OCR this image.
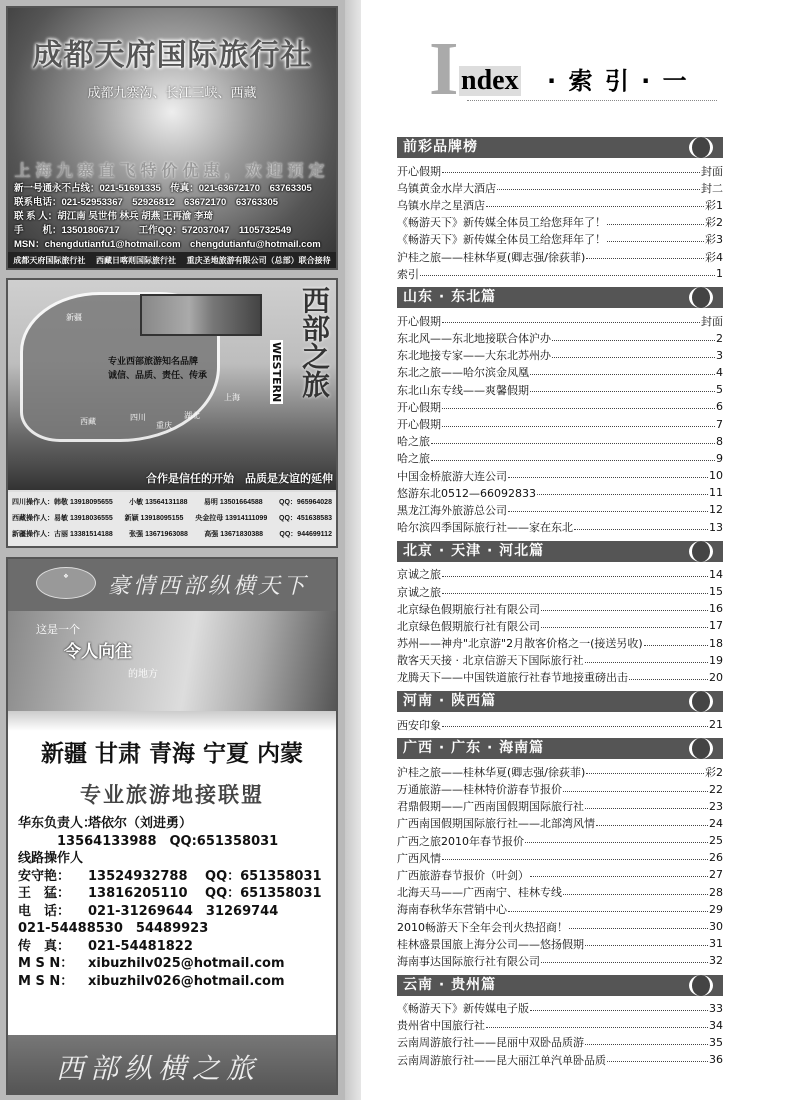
成都天府国际旅行社
成都九寨沟、长江三峡、西藏
上海九寨直飞特价优惠，欢迎预定
新一号通永不占线：021-51691335　传真：021-63672170　63763305
联系电话：021-52953367　52926812　63672170　63763305
联 系 人：胡江南 吴世伟 林兵 胡燕 王再渝 李琦
手　　机：13501806717　　工作QQ：572037047　1105732549
MSN：chengdutianfu1@hotmail.com　chengdutianfu@hotmail.com
成都天府国际旅行社 西藏日喀则国际旅行社 重庆圣地旅游有限公司（总部）联合接待
专业西部旅游知名品牌
诚信、品质、责任、传承
新疆
西藏	四川
重庆
湖北
上海 西部之旅
WESTERN
合作是信任的开始　品质是友谊的延伸
四川操作人：韩敬 13918095655 小敏 13564131188 易明 13501664588 QQ：965964028
西藏操作人：易敏 13918036555 新颖 13918095155 央金拉母 13914111099 QQ：451638583
新疆操作人：古丽 13381514188 张强 13671963088 高强 13671830388 QQ：944699112
❖	豪情西部纵横天下
这是一个
令人向往
的地方
新疆 甘肃 青海 宁夏 内蒙
专业旅游地接联盟
华东负责人：塔依尔（刘进勇）
　　　13564133988　QQ:651358031
线路操作人
安守艳： 13524932788　 QQ：651358031
王　猛： 13816205110　 QQ：651358031
电　话： 021-31269644　31269744
021-54488530　54489923
传　真： 021-54481822
M S N： xibuzhilv025@hotmail.com
M S N： xibuzhilv026@hotmail.com
西部纵横之旅
I ndex · 索 引 · 一
前彩品牌榜
开心假期	封面
乌镇黄金水岸大酒店	封二
乌镇水岸之星酒店	彩1
《畅游天下》新传媒全体员工给您拜年了！	彩2
《畅游天下》新传媒全体员工给您拜年了！	彩3
沪桂之旅——桂林华夏(卿志强/徐荻菲)	彩4
索引	1
山东 · 东北篇
开心假期	封面
东北风——东北地接联合体沪办	2
东北地接专家——大东北苏州办	3
东北之旅——哈尔滨金凤凰	4
东北山东专线——爽馨假期	5
开心假期	6
开心假期	7
哈之旅	8
哈之旅	9
中国金桥旅游大连公司	10
悠游东北0512—66092833	11
黑龙江海外旅游总公司	12
哈尔滨四季国际旅行社——家在东北	13
北京 · 天津 · 河北篇
京诚之旅	14
京诚之旅	15
北京绿色假期旅行社有限公司	16
北京绿色假期旅行社有限公司	17
苏州——神舟"北京游"2月散客价格之一(接送另收)	18
散客天天接 · 北京信游天下国际旅行社	19
龙腾天下——中国铁道旅行社春节地接重磅出击	20
河南 · 陕西篇
西安印象	21
广西 · 广东 · 海南篇
沪桂之旅——桂林华夏(卿志强/徐荻菲)	彩2
万通旅游——桂林特价游春节报价	22
君鼎假期——广西南国假期国际旅行社	23
广西南国假期国际旅行社——北部湾风情	24
广西之旅2010年春节报价	25
广西风情	26
广西旅游春节报价（叶剑）	27
北海天马——广西南宁、桂林专线	28
海南春秋华东营销中心	29
2010畅游天下全年会刊火热招商！	30
桂林盛景国旅上海分公司——悠扬假期	31
海南事达国际旅行社有限公司	32
云南 · 贵州篇
《畅游天下》新传媒电子版	33
贵州省中国旅行社	34
云南周游旅行社——昆丽中双卧品质游	35
云南周游旅行社——昆大丽江单汽单卧品质	36
